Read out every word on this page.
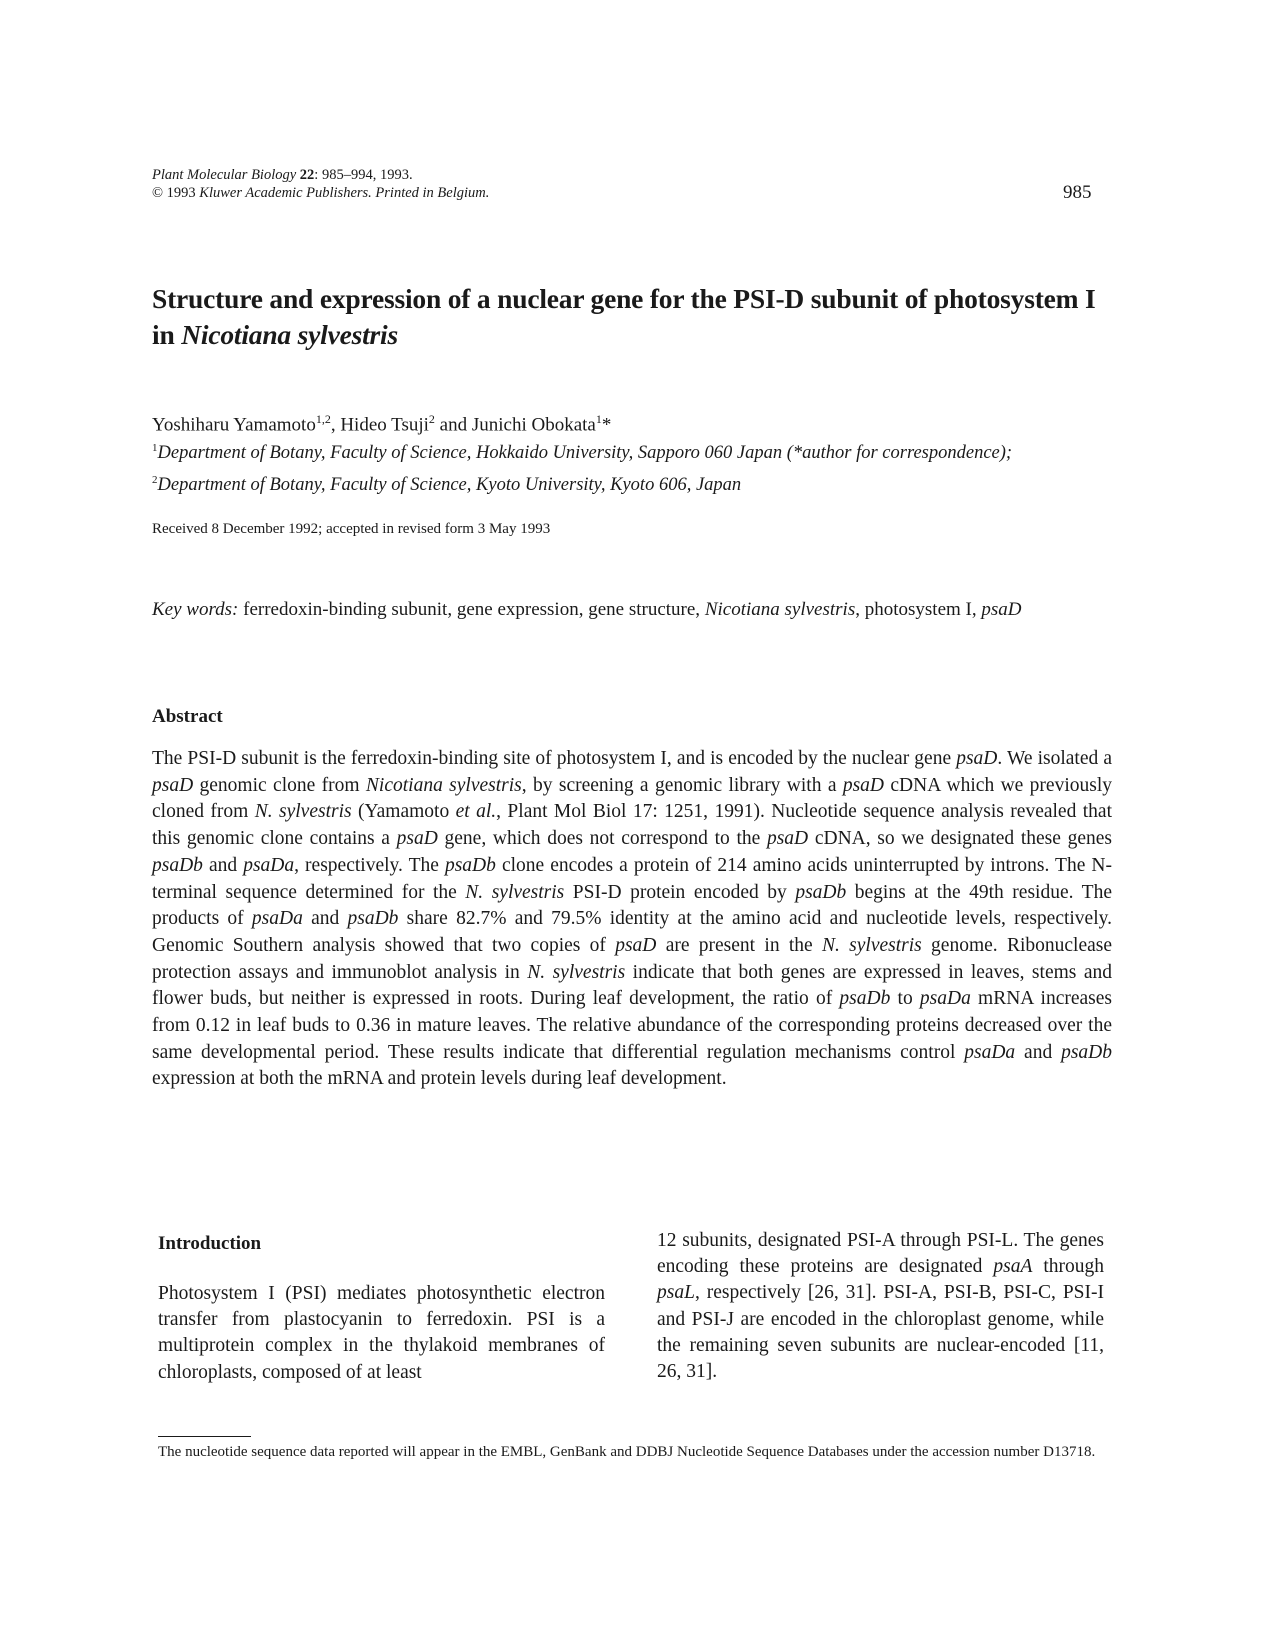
Plant Molecular Biology 22: 985–994, 1993.
© 1993 Kluwer Academic Publishers. Printed in Belgium.	985
Structure and expression of a nuclear gene for the PSI-D subunit of photosystem I in Nicotiana sylvestris
Yoshiharu Yamamoto$^{1,2}$, Hideo Tsuji$^2$ and Junichi Obokata$^1$*
$^1$Department of Botany, Faculty of Science, Hokkaido University, Sapporo 060 Japan (*author for correspondence); $^2$Department of Botany, Faculty of Science, Kyoto University, Kyoto 606, Japan
Received 8 December 1992; accepted in revised form 3 May 1993
Key words: ferredoxin-binding subunit, gene expression, gene structure, Nicotiana sylvestris, photosystem I, psaD
Abstract
The PSI-D subunit is the ferredoxin-binding site of photosystem I, and is encoded by the nuclear gene psaD. We isolated a psaD genomic clone from Nicotiana sylvestris, by screening a genomic library with a psaD cDNA which we previously cloned from N. sylvestris (Yamamoto et al., Plant Mol Biol 17: 1251, 1991). Nucleotide sequence analysis revealed that this genomic clone contains a psaD gene, which does not correspond to the psaD cDNA, so we designated these genes psaDb and psaDa, respectively. The psaDb clone encodes a protein of 214 amino acids uninterrupted by introns. The N-terminal sequence determined for the N. sylvestris PSI-D protein encoded by psaDb begins at the 49th residue. The products of psaDa and psaDb share 82.7% and 79.5% identity at the amino acid and nucleotide levels, respectively. Genomic Southern analysis showed that two copies of psaD are present in the N. sylvestris genome. Ribonuclease protection assays and immunoblot analysis in N. sylvestris indicate that both genes are expressed in leaves, stems and flower buds, but neither is expressed in roots. During leaf development, the ratio of psaDb to psaDa mRNA increases from 0.12 in leaf buds to 0.36 in mature leaves. The relative abundance of the corresponding proteins decreased over the same developmental period. These results indicate that differential regulation mechanisms control psaDa and psaDb expression at both the mRNA and protein levels during leaf development.
Introduction
Photosystem I (PSI) mediates photosynthetic electron transfer from plastocyanin to ferredoxin. PSI is a multiprotein complex in the thylakoid membranes of chloroplasts, composed of at least
12 subunits, designated PSI-A through PSI-L. The genes encoding these proteins are designated psaA through psaL, respectively [26, 31]. PSI-A, PSI-B, PSI-C, PSI-I and PSI-J are encoded in the chloroplast genome, while the remaining seven subunits are nuclear-encoded [11, 26, 31].
The nucleotide sequence data reported will appear in the EMBL, GenBank and DDBJ Nucleotide Sequence Databases under the accession number D13718.
